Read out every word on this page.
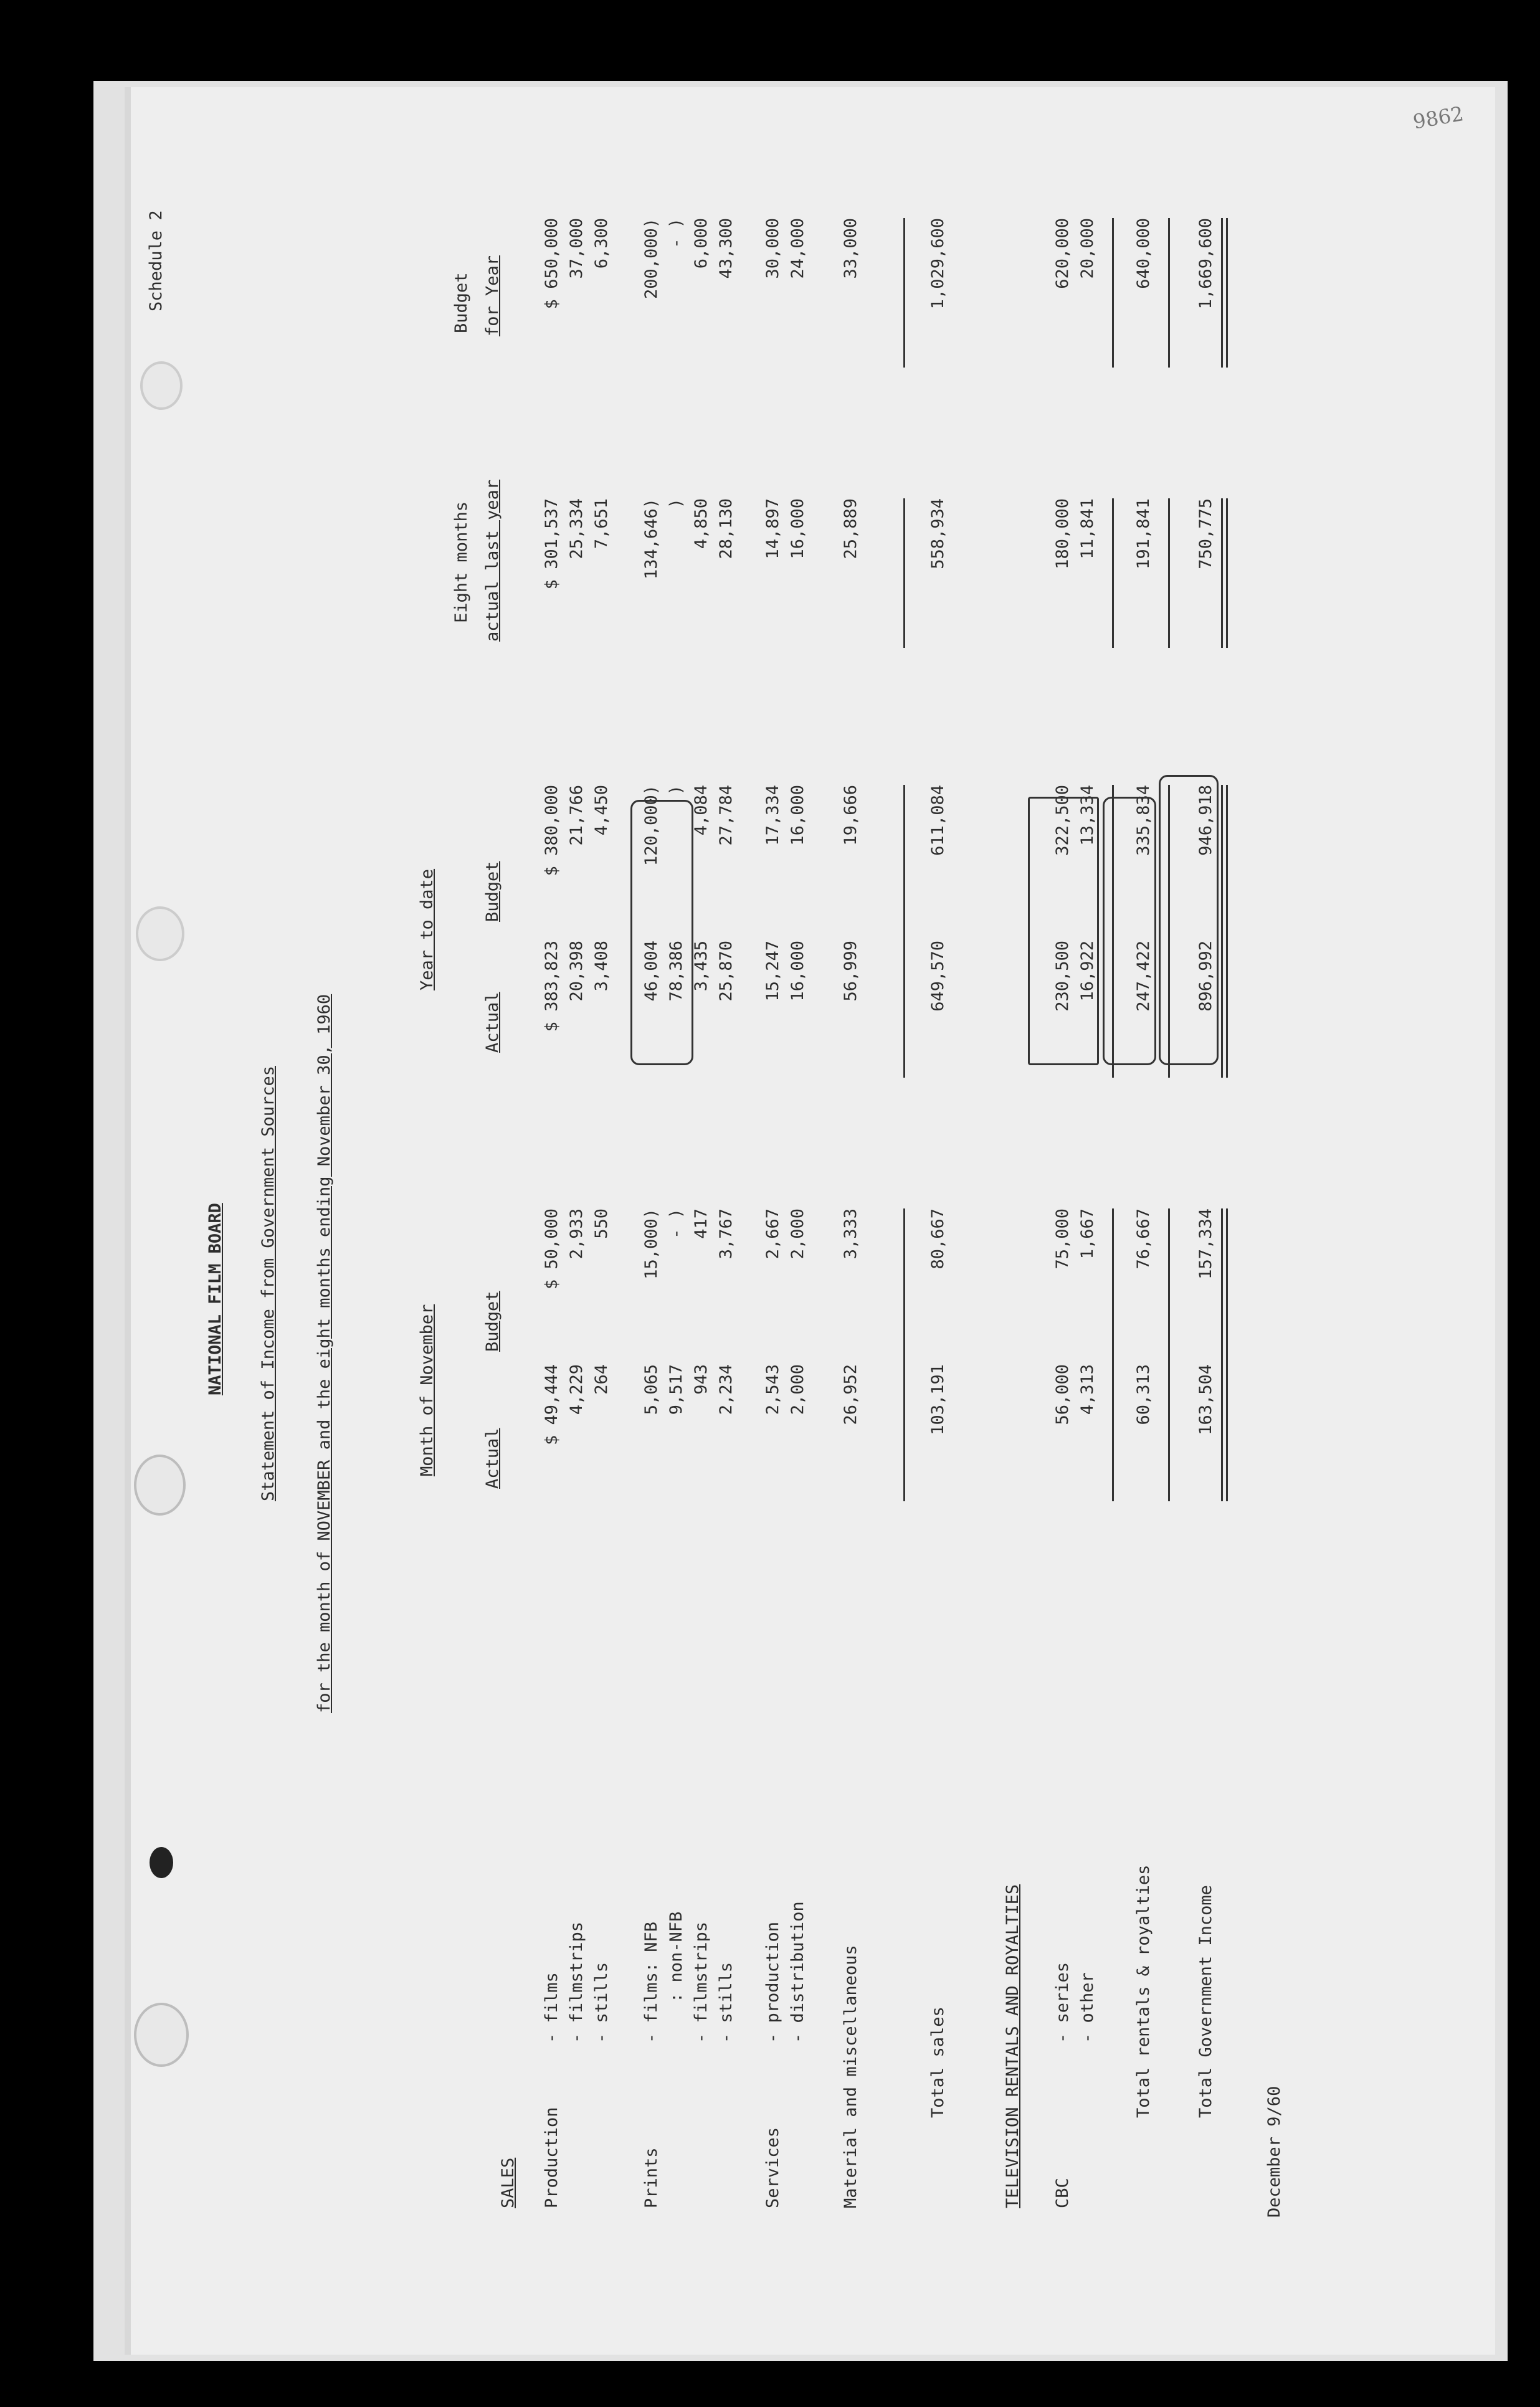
9862
NATIONAL FILM BOARD Statement of Income from Government Sources for the month of NOVEMBER and the eight months ending November 30, 1960
Schedule 2
Month of November
Year to date
Actual
Budget
Actual
Budget
Eight months actual last year
Budget for Year
SALES	TELEVISION RENTALS AND ROYALTIES
Production
- films
$ 49,444
$ 50,000
$ 383,823
$ 380,000
$ 301,537
$ 650,000
- filmstrips
4,229
2,933
20,398
21,766
25,334
37,000
- stills
264
550
3,408
4,450
7,651
6,300
Prints
- films: NFB
5,065
15,000)
46,004
120,000)
134,646)
200,000)
: non-NFB
9,517
- )
78,386
)
)
- )
- filmstrips
943
417
3,435
4,084
4,850
6,000
- stills
2,234
3,767
25,870
27,784
28,130
43,300
Services
- production
2,543
2,667
15,247
17,334
14,897
30,000
- distribution
2,000
2,000
16,000
16,000
16,000
24,000
Material and miscellaneous
26,952
3,333
56,999
19,666
25,889
33,000
Total sales
103,191
80,667
649,570
611,084
558,934
1,029,600
CBC
- series
56,000
75,000
230,500
322,500
180,000
620,000
- other
4,313
1,667
16,922
13,334
11,841
20,000
Total rentals & royalties
60,313
76,667
247,422
335,834
191,841
640,000
Total Government Income
163,504
157,334
896,992
946,918
750,775
1,669,600
December 9/60
